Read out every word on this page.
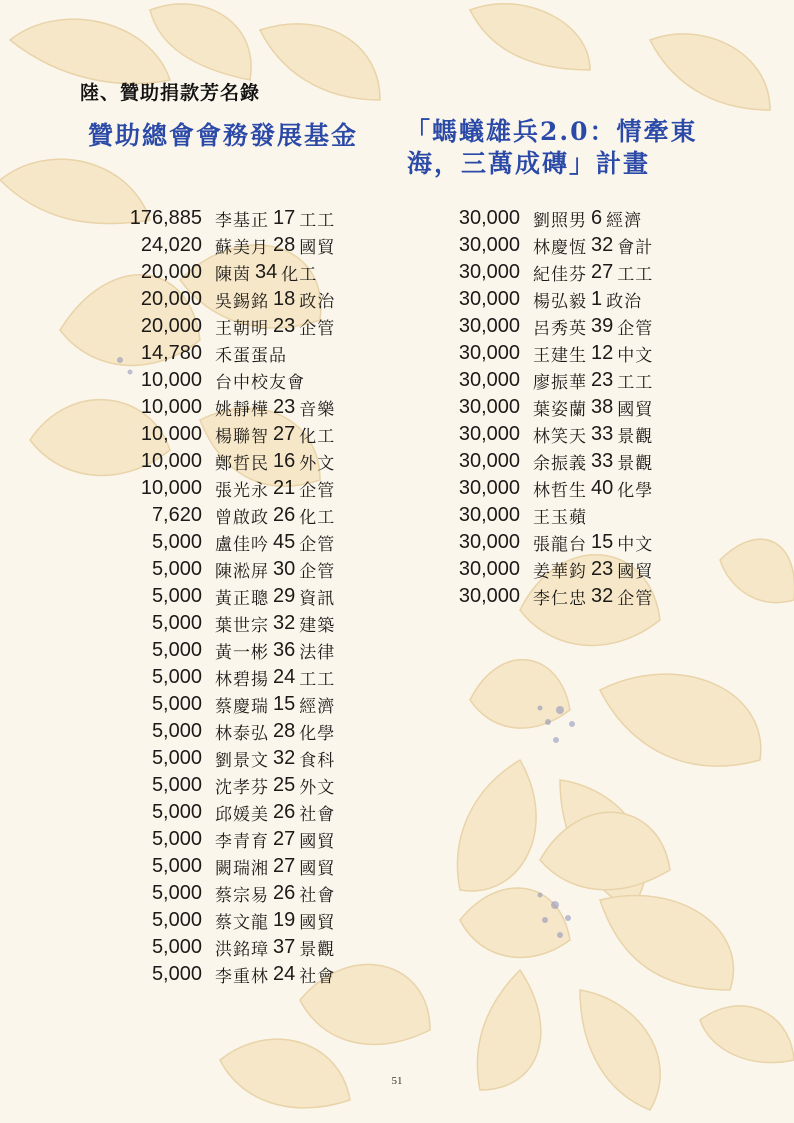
陸、贊助捐款芳名錄
贊助總會會務發展基金 「螞蟻雄兵2.0：情牽東
海，三萬成磚」計畫
176,885 李基正 17 工工
24,020 蘇美月 28 國貿
20,000 陳茵 34 化工
20,000 吳錫銘 18 政治
20,000 王朝明 23 企管
14,780 禾蛋蛋品
10,000 台中校友會
10,000 姚靜樺 23 音樂
10,000 楊聯智 27 化工
10,000 鄭哲民 16 外文
10,000 張光永 21 企管
7,620 曾啟政 26 化工
5,000 盧佳吟 45 企管
5,000 陳淞屏 30 企管
5,000 黃正聰 29 資訊
5,000 葉世宗 32 建築
5,000 黃一彬 36 法律
5,000 林碧揚 24 工工
5,000 蔡慶瑞 15 經濟
5,000 林泰弘 28 化學
5,000 劉景文 32 食科
5,000 沈孝芬 25 外文
5,000 邱媛美 26 社會
5,000 李青育 27 國貿
5,000 闕瑞湘 27 國貿
5,000 蔡宗易 26 社會
5,000 蔡文龍 19 國貿
5,000 洪銘璋 37 景觀
5,000 李重林 24 社會
30,000 劉照男 6 經濟
30,000 林慶恆 32 會計
30,000 紀佳芬 27 工工
30,000 楊弘毅 1 政治
30,000 呂秀英 39 企管
30,000 王建生 12 中文
30,000 廖振華 23 工工
30,000 葉姿蘭 38 國貿
30,000 林笑天 33 景觀
30,000 余振義 33 景觀
30,000 林哲生 40 化學
30,000 王玉蘋
30,000 張龍台 15 中文
30,000 姜華鈞 23 國貿
30,000 李仁忠 32 企管
51
